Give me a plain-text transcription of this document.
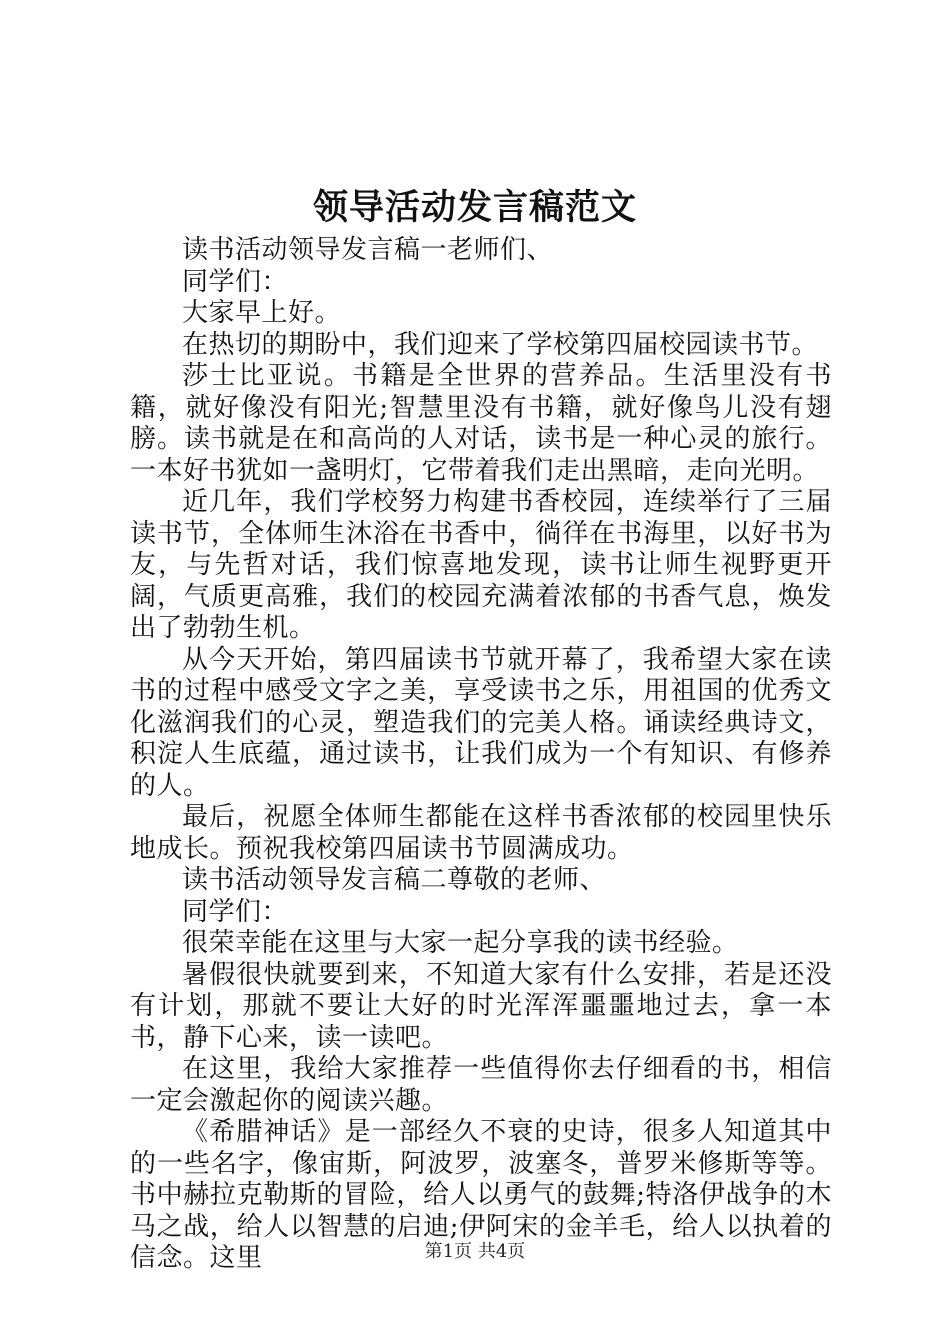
领导活动发言稿范文

读书活动领导发言稿一老师们、

同学们：

大家早上好。

在热切的期盼中，我们迎来了学校第四届校园读书节。

莎士比亚说。书籍是全世界的营养品。生活里没有书籍，就好像没有阳光;智慧里没有书籍，就好像鸟儿没有翅膀。读书就是在和高尚的人对话，读书是一种心灵的旅行。一本好书犹如一盏明灯，它带着我们走出黑暗，走向光明。

近几年，我们学校努力构建书香校园，连续举行了三届读书节，全体师生沐浴在书香中，徜徉在书海里，以好书为友，与先哲对话，我们惊喜地发现，读书让师生视野更开阔，气质更高雅，我们的校园充满着浓郁的书香气息，焕发出了勃勃生机。

从今天开始，第四届读书节就开幕了，我希望大家在读书的过程中感受文字之美，享受读书之乐，用祖国的优秀文化滋润我们的心灵，塑造我们的完美人格。诵读经典诗文，积淀人生底蕴，通过读书，让我们成为一个有知识、有修养的人。

最后，祝愿全体师生都能在这样书香浓郁的校园里快乐地成长。预祝我校第四届读书节圆满成功。

读书活动领导发言稿二尊敬的老师、

同学们：

很荣幸能在这里与大家一起分享我的读书经验。

暑假很快就要到来，不知道大家有什么安排，若是还没有计划，那就不要让大好的时光浑浑噩噩地过去，拿一本书，静下心来，读一读吧。

在这里，我给大家推荐一些值得你去仔细看的书，相信一定会激起你的阅读兴趣。

《希腊神话》是一部经久不衰的史诗，很多人知道其中的一些名字，像宙斯，阿波罗，波塞冬，普罗米修斯等等。书中赫拉克勒斯的冒险，给人以勇气的鼓舞;特洛伊战争的木马之战，给人以智慧的启迪;伊阿宋的金羊毛，给人以执着的信念。这里	第1页 共4页
